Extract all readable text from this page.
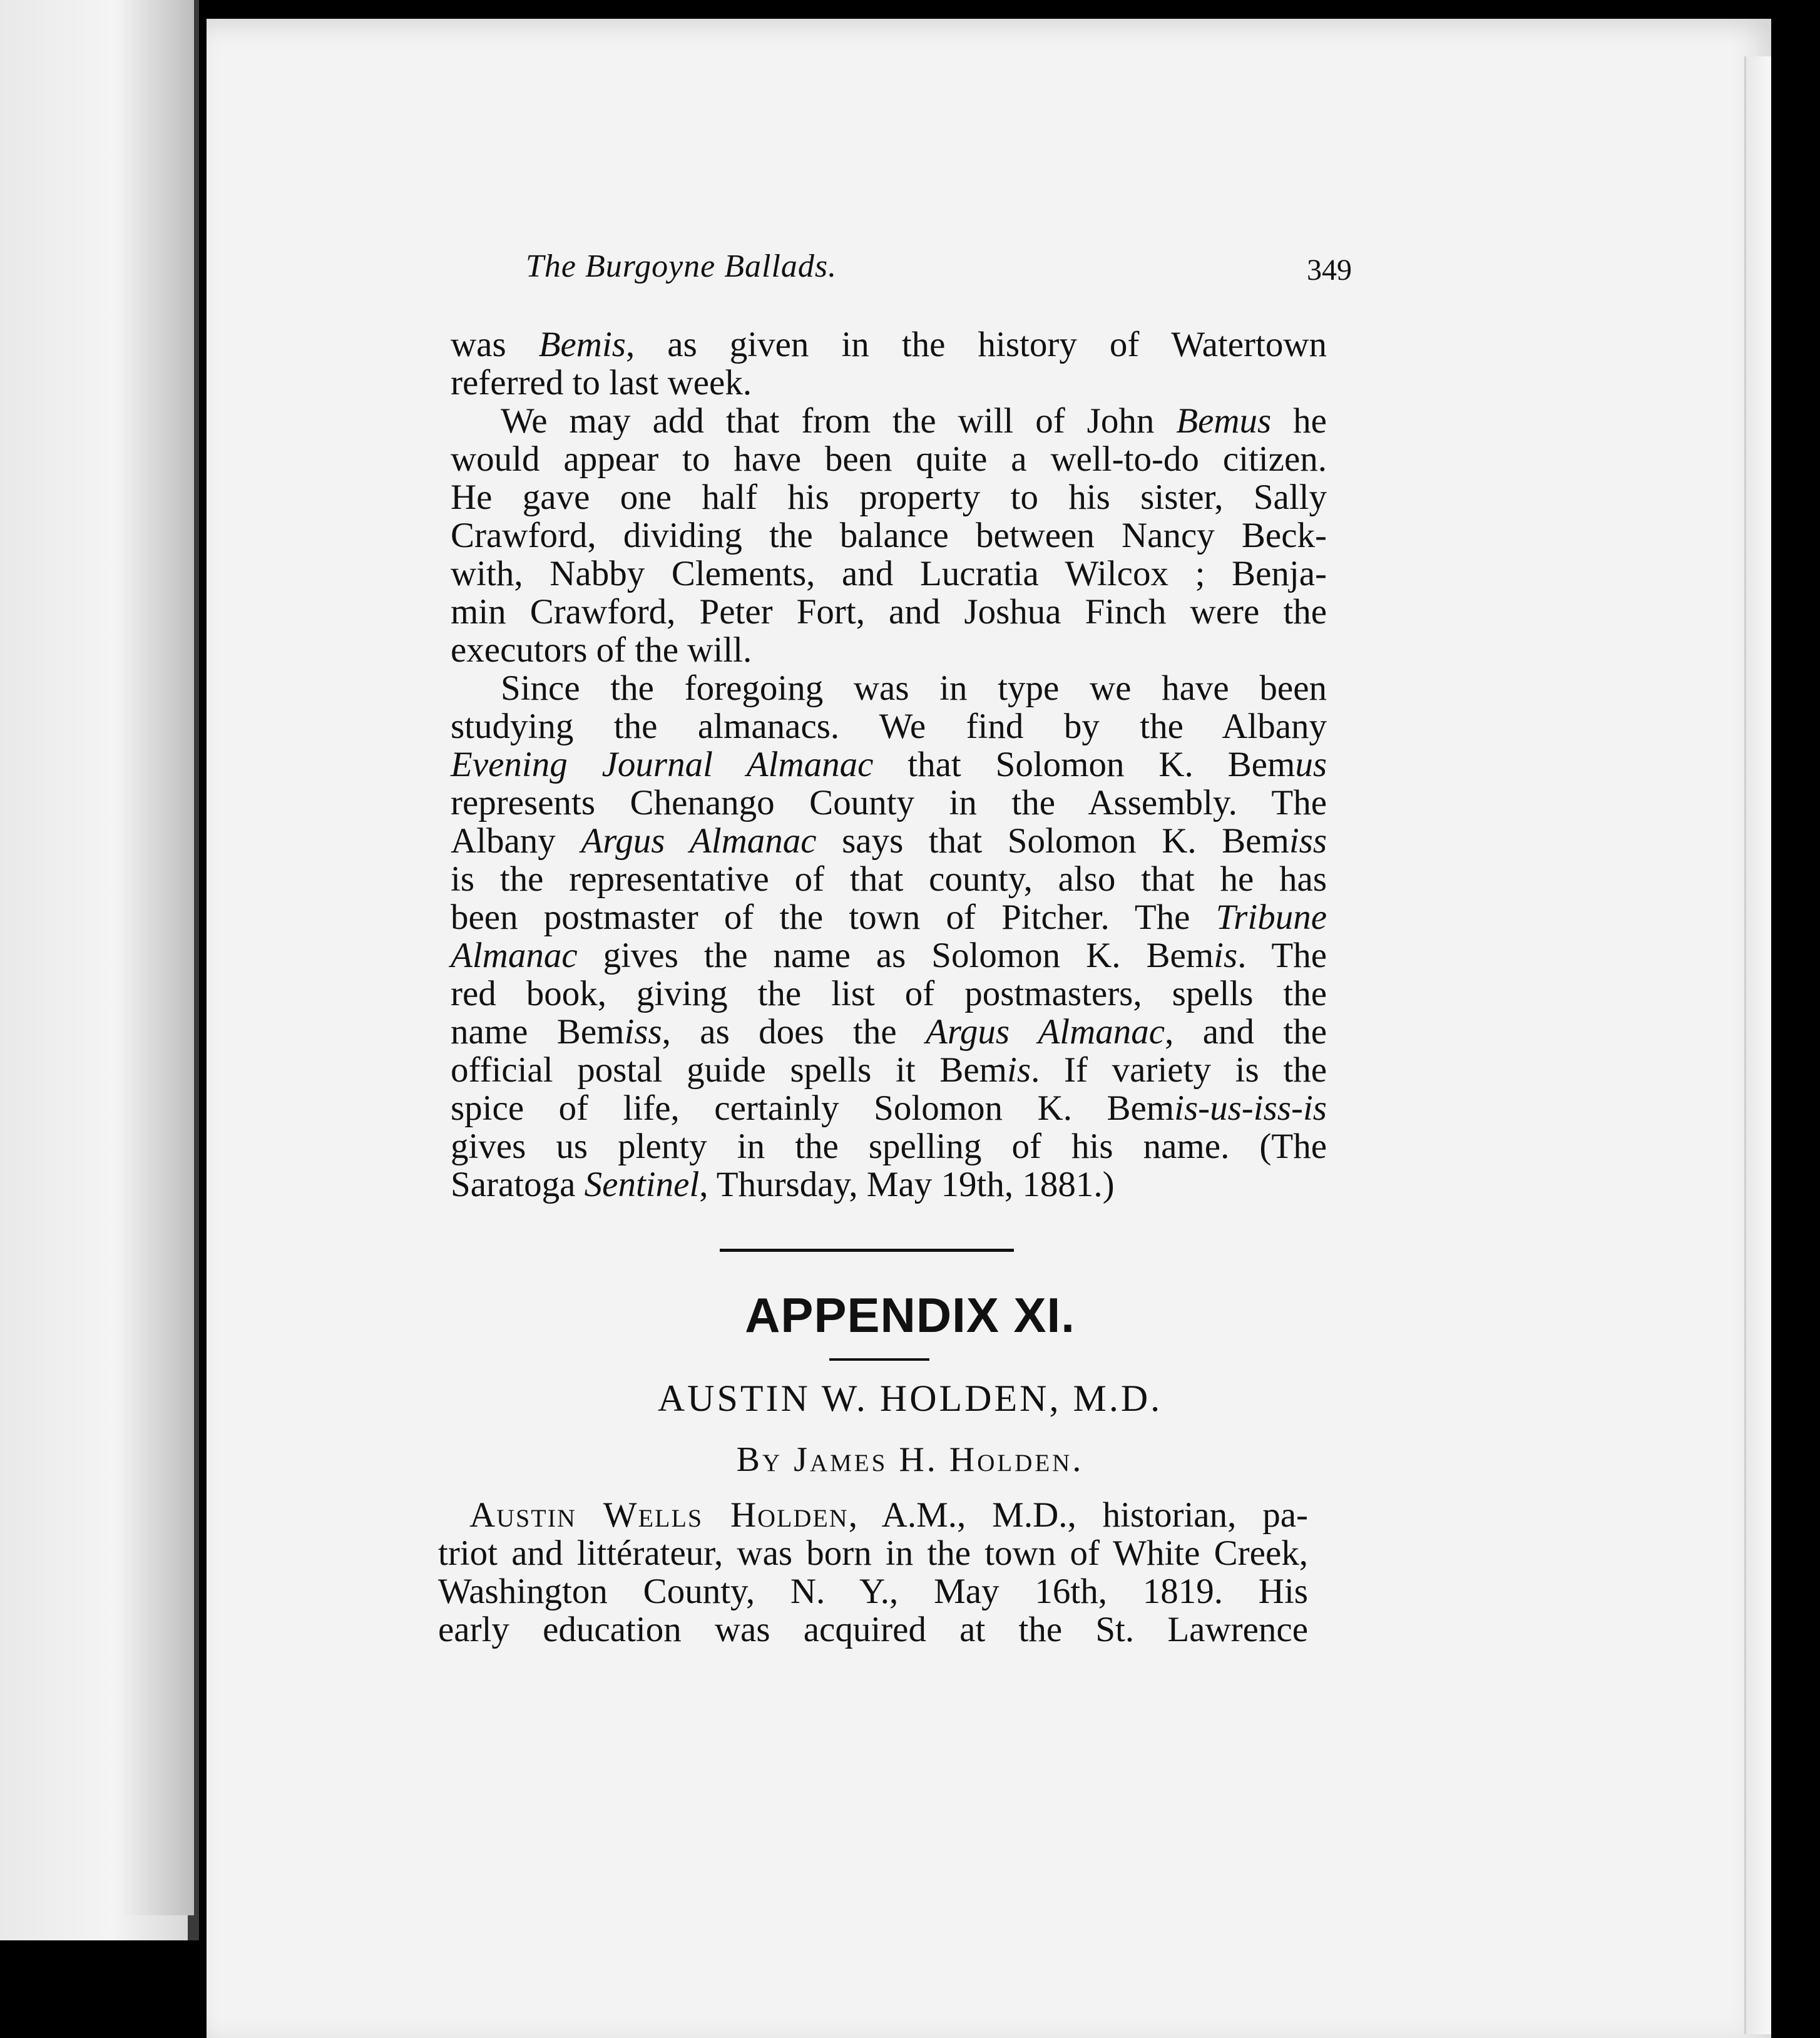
The Burgoyne Ballads.	349
was Bemis, as given in the history of Watertown
referred to last week.
We may add that from the will of John Bemus he
would appear to have been quite a well-to-do citizen.
He gave one half his property to his sister, Sally
Crawford, dividing the balance between Nancy Beck-
with, Nabby Clements, and Lucratia Wilcox ; Benja-
min Crawford, Peter Fort, and Joshua Finch were the
executors of the will.
Since the foregoing was in type we have been
studying the almanacs. We find by the Albany
Evening Journal Almanac that Solomon K. Bemus
represents Chenango County in the Assembly. The
Albany Argus Almanac says that Solomon K. Bemiss
is the representative of that county, also that he has
been postmaster of the town of Pitcher. The Tribune
Almanac gives the name as Solomon K. Bemis. The
red book, giving the list of postmasters, spells the
name Bemiss, as does the Argus Almanac, and the
official postal guide spells it Bemis. If variety is the
spice of life, certainly Solomon K. Bemis-us-iss-is
gives us plenty in the spelling of his name. (The
Saratoga Sentinel, Thursday, May 19th, 1881.)
APPENDIX XI.
AUSTIN W. HOLDEN, M.D.
By James H. Holden.
Austin Wells Holden, A.M., M.D., historian, pa-
triot and littérateur, was born in the town of White Creek,
Washington County, N. Y., May 16th, 1819. His
early education was acquired at the St. Lawrence
